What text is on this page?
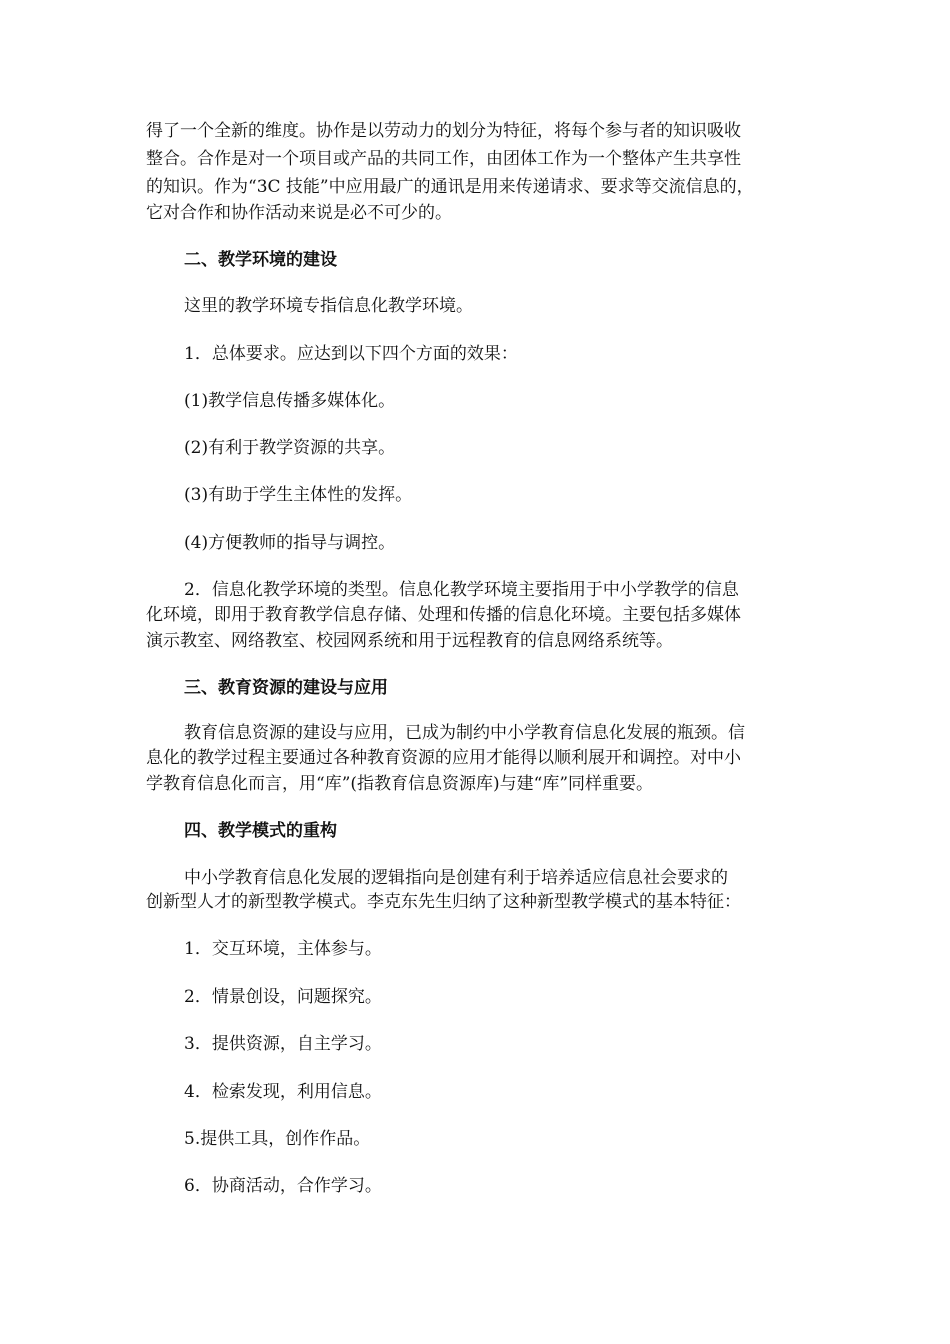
得了一个全新的维度。协作是以劳动力的划分为特征，将每个参与者的知识吸收
整合。合作是对一个项目或产品的共同工作，由团体工作为一个整体产生共享性
的知识。作为“3C 技能”中应用最广的通讯是用来传递请求、要求等交流信息的，
它对合作和协作活动来说是必不可少的。
二、教学环境的建设
这里的教学环境专指信息化教学环境。
1．总体要求。应达到以下四个方面的效果：
(1)教学信息传播多媒体化。
(2)有利于教学资源的共享。
(3)有助于学生主体性的发挥。
(4)方便教师的指导与调控。
2．信息化教学环境的类型。信息化教学环境主要指用于中小学教学的信息
化环境，即用于教育教学信息存储、处理和传播的信息化环境。主要包括多媒体
演示教室、网络教室、校园网系统和用于远程教育的信息网络系统等。
三、教育资源的建设与应用
教育信息资源的建设与应用，已成为制约中小学教育信息化发展的瓶颈。信
息化的教学过程主要通过各种教育资源的应用才能得以顺利展开和调控。对中小
学教育信息化而言，用“库”(指教育信息资源库)与建“库”同样重要。
四、教学模式的重构
中小学教育信息化发展的逻辑指向是创建有利于培养适应信息社会要求的
创新型人才的新型教学模式。李克东先生归纳了这种新型教学模式的基本特征：
1．交互环境，主体参与。
2．情景创设，问题探究。
3．提供资源，自主学习。
4．检索发现，利用信息。
5.提供工具，创作作品。
6．协商活动，合作学习。
